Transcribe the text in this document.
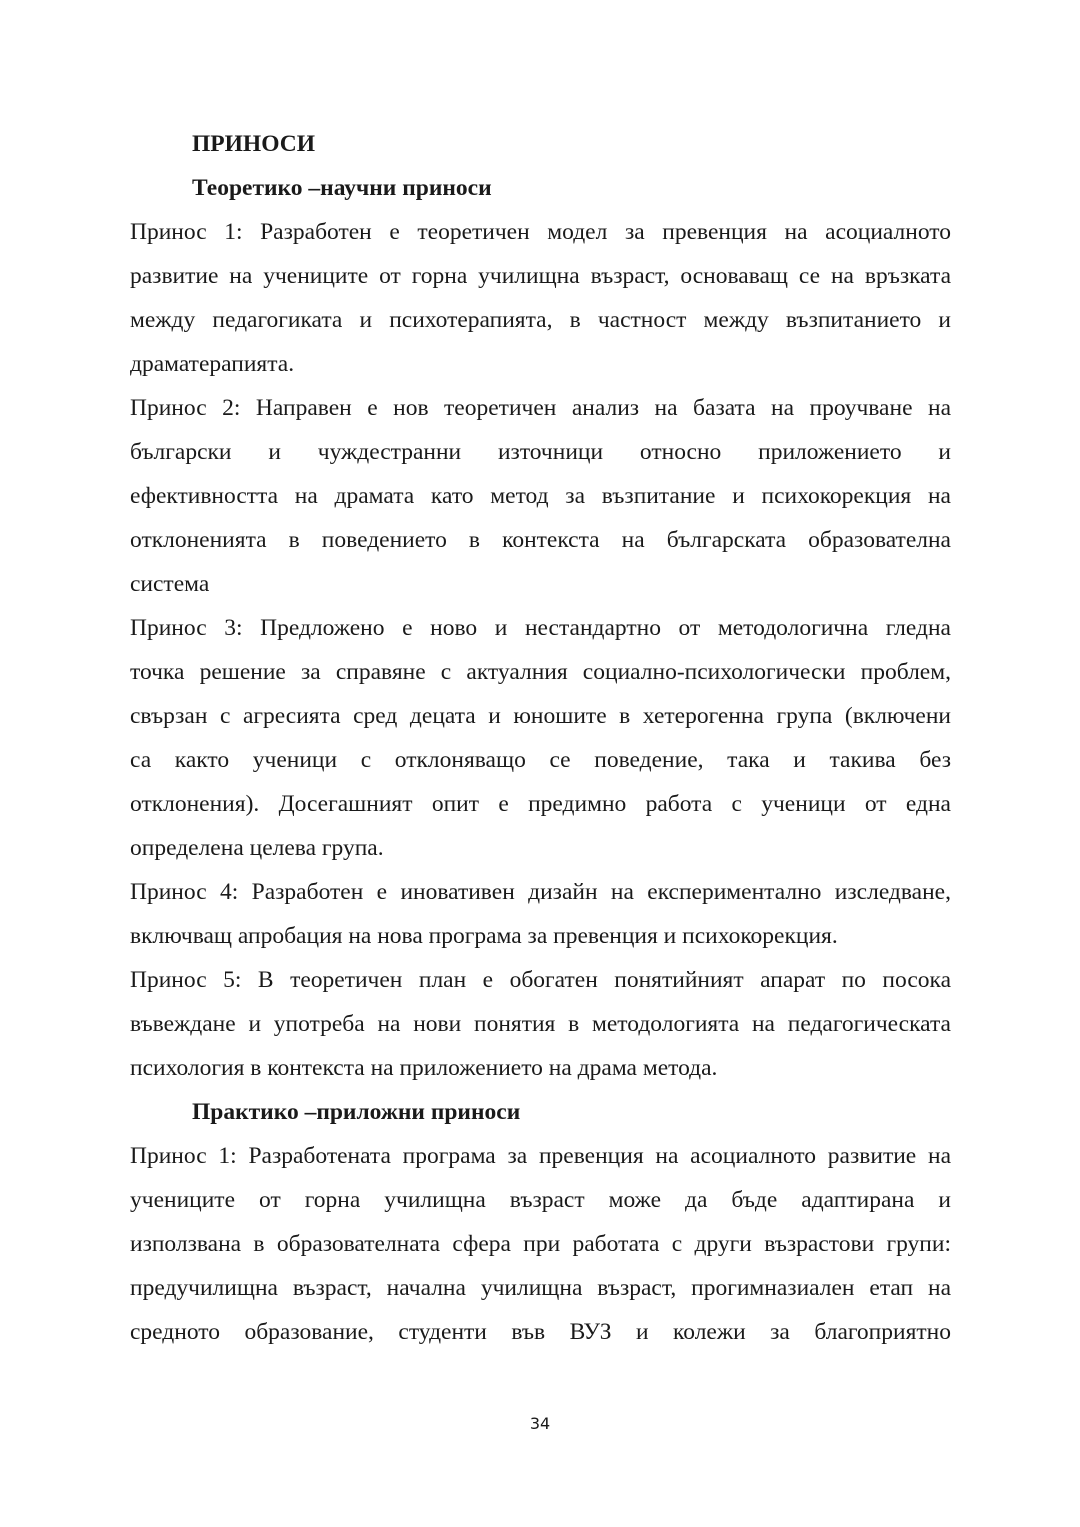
ПРИНОСИ
Теоретико –научни приноси
Принос 1: Разработен е теоретичен модел за превенция на асоциалното
развитие на учениците от горна училищна възраст, основаващ се на връзката
между педагогиката и психотерапията, в частност между възпитанието и
драматерапията.
Принос 2: Направен е нов теоретичен анализ на базата на проучване на
български и чуждестранни източници относно приложението и
ефективността на драмата като метод за възпитание и психокорекция на
отклоненията в поведението в контекста на българската образователна
система
Принос 3: Предложено е ново и нестандартно от методологична гледна
точка решение за справяне с актуалния социално-психологически проблем,
свързан с агресията сред децата и юношите в хетерогенна група (включени
са както ученици с отклоняващо се поведение, така и такива без
отклонения). Досегашният опит е предимно работа с ученици от една
определена целева група.
Принос 4: Разработен е иновативен дизайн на експериментално изследване,
включващ апробация на нова програма за превенция и психокорекция.
Принос 5: В теоретичен план е обогатен понятийният апарат по посока
въвеждане и употреба на нови понятия в методологията на педагогическата
психология в контекста на приложението на драма метода.
Практико –приложни приноси
Принос 1: Разработената програма за превенция на асоциалното развитие на
учениците от горна училищна възраст може да бъде адаптирана и
използвана в образователната сфера при работата с други възрастови групи:
предучилищна възраст, начална училищна възраст, прогимназиален етап на
средното образование, студенти във ВУЗ и колежи за благоприятно
34
